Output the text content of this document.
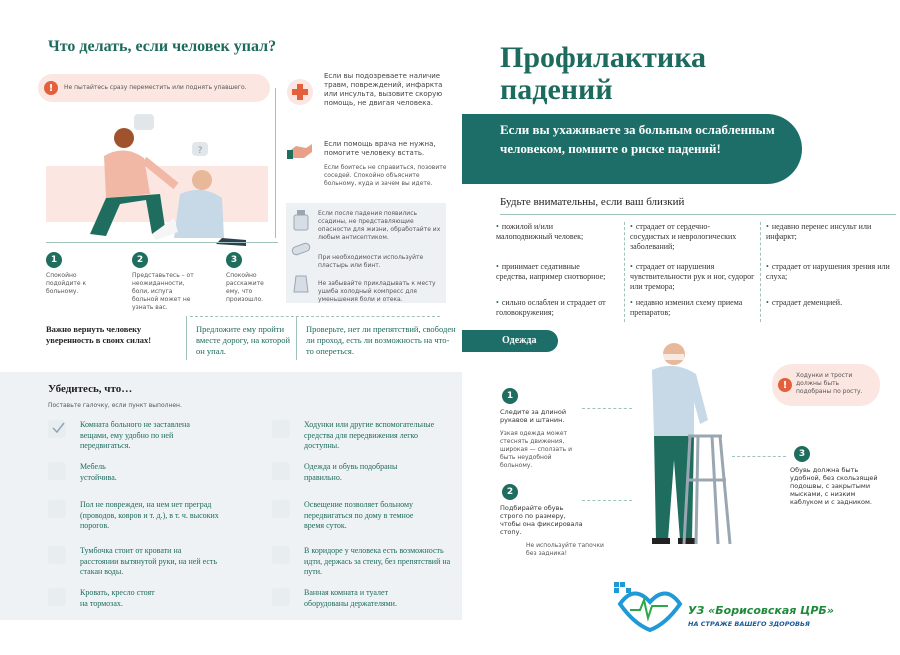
Что делать, если человек упал?
!	Не пытайтесь сразу переместить или поднять упавшего.
?
1
Спокойно подойдите к больному.
2
Представьтесь – от неожиданности, боли, испуга больной может не узнать вас.
3
Спокойно расскажите ему, что произошло.
Если вы подозреваете наличие травм, повреждений, инфаркта или инсульта, вызовите скорую помощь, не двигая человека.
Если помощь врача не нужна, помогите человеку встать.
Если боитесь не справиться, позовите соседей. Спокойно объясните больному, куда и зачем вы идете.
Если после падения появились ссадины, не представляющие опасности для жизни, обработайте их любым антисептиком.
При необходимости используйте пластырь или бинт.
Не забывайте прикладывать к месту ушиба холодный компресс для уменьшения боли и отека.
Важно вернуть человеку уверенность в своих силах!
Предложите ему пройти вместе дорогу, на которой он упал.
Проверьте, нет ли препятствий, свободен ли проход, есть ли возможность на что-то опереться.
Убедитесь, что…
Поставьте галочку, если пункт выполнен.
Комната больного не заставлена вещами, ему удобно по ней передвигаться.
Мебель устойчива.
Пол не поврежден, на нем нет преград (проводов, ковров и т. д.), в т. ч. высоких порогов.
Тумбочка стоит от кровати на расстоянии вытянутой руки, на ней есть стакан воды.
Кровать, кресло стоят на тормозах.
Ходунки или другие вспомогательные средства для передвижения легко доступны.
Одежда и обувь подобраны правильно.
Освещение позволяет больному передвигаться по дому в темное время суток.
В коридоре у человека есть возможность идти, держась за стену, без препятствий на пути.
Ванная комната и туалет оборудованы держателями.
Профилактика
падений
Если вы ухаживаете за больным ослабленным человеком, помните о риске падений!
Будьте внимательны, если ваш близкий
• пожилой и/или малоподвижный человек;
• принимает седативные средства, например снотворное;
• сильно ослаблен и страдает от головокружения;
• страдает от сердечно-сосудистых и неврологических заболеваний;
• страдает от нарушения чувствительности рук и ног, судорог или тремора;
• недавно изменил схему приема препаратов;
• недавно перенес инсульт или инфаркт;
• страдает от нарушения зрения или слуха;
• страдает деменцией.
Одежда
1
Следите за длиной рукавов и штанин.
Узкая одежда может стеснять движения, широкая — сползать и быть неудобной больному.
2
Подбирайте обувь строго по размеру, чтобы она фиксировала стопу.
Не используйте тапочки без задника!
3
Обувь должна быть удобной, без скользящей подошвы, с закрытыми мысками, с низким каблуком и с задником.
!
Ходунки и трости должны быть подобраны по росту.
УЗ «Борисовская ЦРБ»
НА СТРАЖЕ ВАШЕГО ЗДОРОВЬЯ
